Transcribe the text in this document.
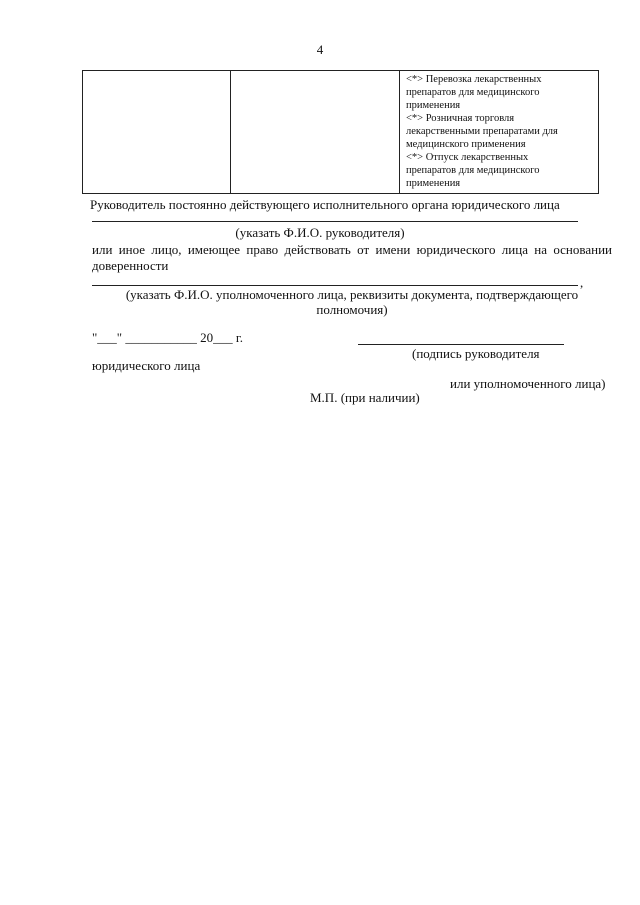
4

<*> Перевозка лекарственных
препаратов для медицинского
применения
<*> Розничная торговля
лекарственными препаратами для
медицинского применения
<*> Отпуск лекарственных
препаратов для медицинского
применения
Руководитель постоянно действующего исполнительного органа юридического лица
(указать Ф.И.О. руководителя)
или иное лицо, имеющее право действовать от имени юридического лица на основании
доверенности
,
(указать Ф.И.О. уполномоченного лица, реквизиты документа, подтверждающего
полномочия)
"___" ___________ 20___ г.
(подпись руководителя
юридического лица
или уполномоченного лица)
М.П. (при наличии)
